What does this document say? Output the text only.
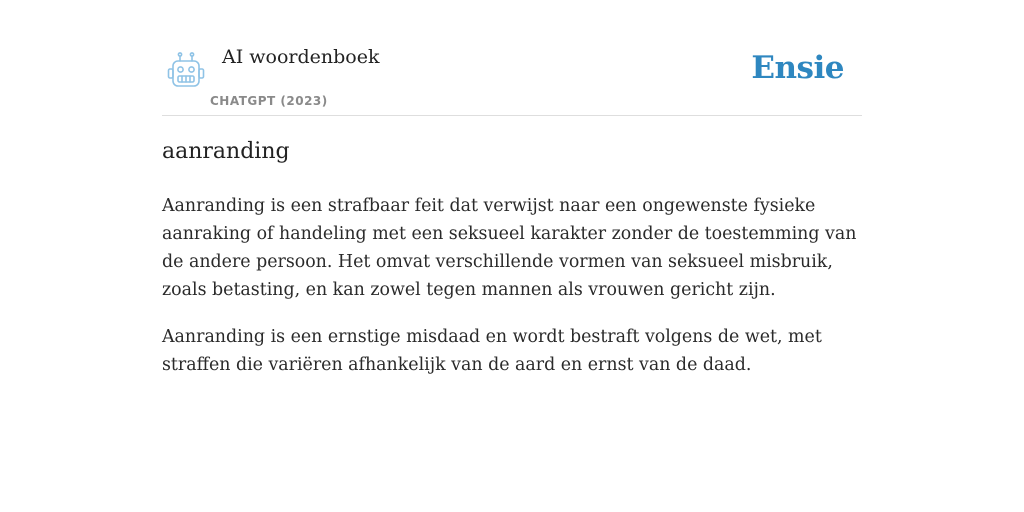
AI woordenboek
CHATGPT (2023)
Ensie
aanranding

Aanranding is een strafbaar feit dat verwijst naar een ongewenste fysieke aanraking of handeling met een seksueel karakter zonder de toestemming van de andere persoon. Het omvat verschillende vormen van seksueel misbruik, zoals betasting, en kan zowel tegen mannen als vrouwen gericht zijn.

Aanranding is een ernstige misdaad en wordt bestraft volgens de wet, met straffen die variëren afhankelijk van de aard en ernst van de daad.
